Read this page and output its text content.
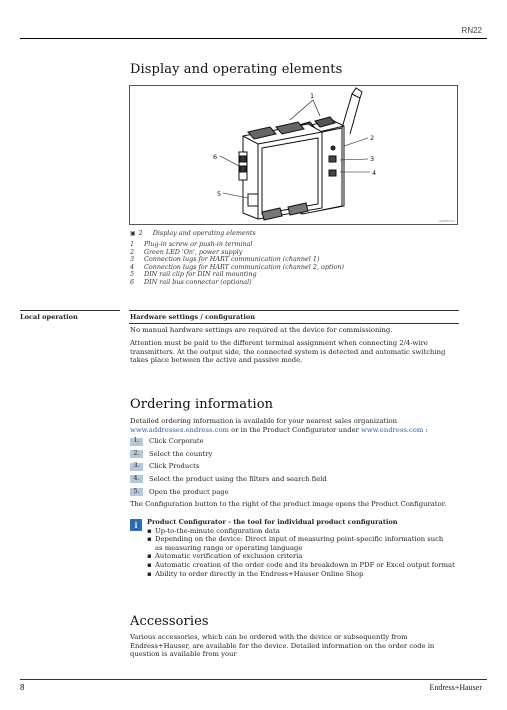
RN22
Display and operating elements
1
2
3
4
5
6
A0025530
▣ 2 Display and operating elements
1	Plug-in screw or push-in terminal
2	Green LED 'On', power supply
3	Connection lugs for HART communication (channel 1)
4	Connection lugs for HART communication (channel 2, option)
5	DIN rail clip for DIN rail mounting
6	DIN rail bus connector (optional)
Local operation	Hardware settings / configuration
No manual hardware settings are required at the device for commissioning.
Attention must be paid to the different terminal assignment when connecting 2/4-wire transmitters. At the output side, the connected system is detected and automatic switching takes place between the active and passive mode.
Ordering information
Detailed ordering information is available for your nearest sales organization
www.addresses.endress.com or in the Product Configurator under www.endress.com :
1.	Click Corporate
2.	Select the country
3.	Click Products
4.	Select the product using the filters and search field
5.	Open the product page
The Configuration button to the right of the product image opens the Product Configurator.
i	Product Configurator - the tool for individual product configuration
▪ Up-to-the-minute configuration data
▪ Depending on the device: Direct input of measuring point-specific information such as measuring range or operating language
▪ Automatic verification of exclusion criteria
▪ Automatic creation of the order code and its breakdown in PDF or Excel output format
▪ Ability to order directly in the Endress+Hauser Online Shop
Accessories
Various accessories, which can be ordered with the device or subsequently from Endress+Hauser, are available for the device. Detailed information on the order code in question is available from your
8	Endress+Hauser
